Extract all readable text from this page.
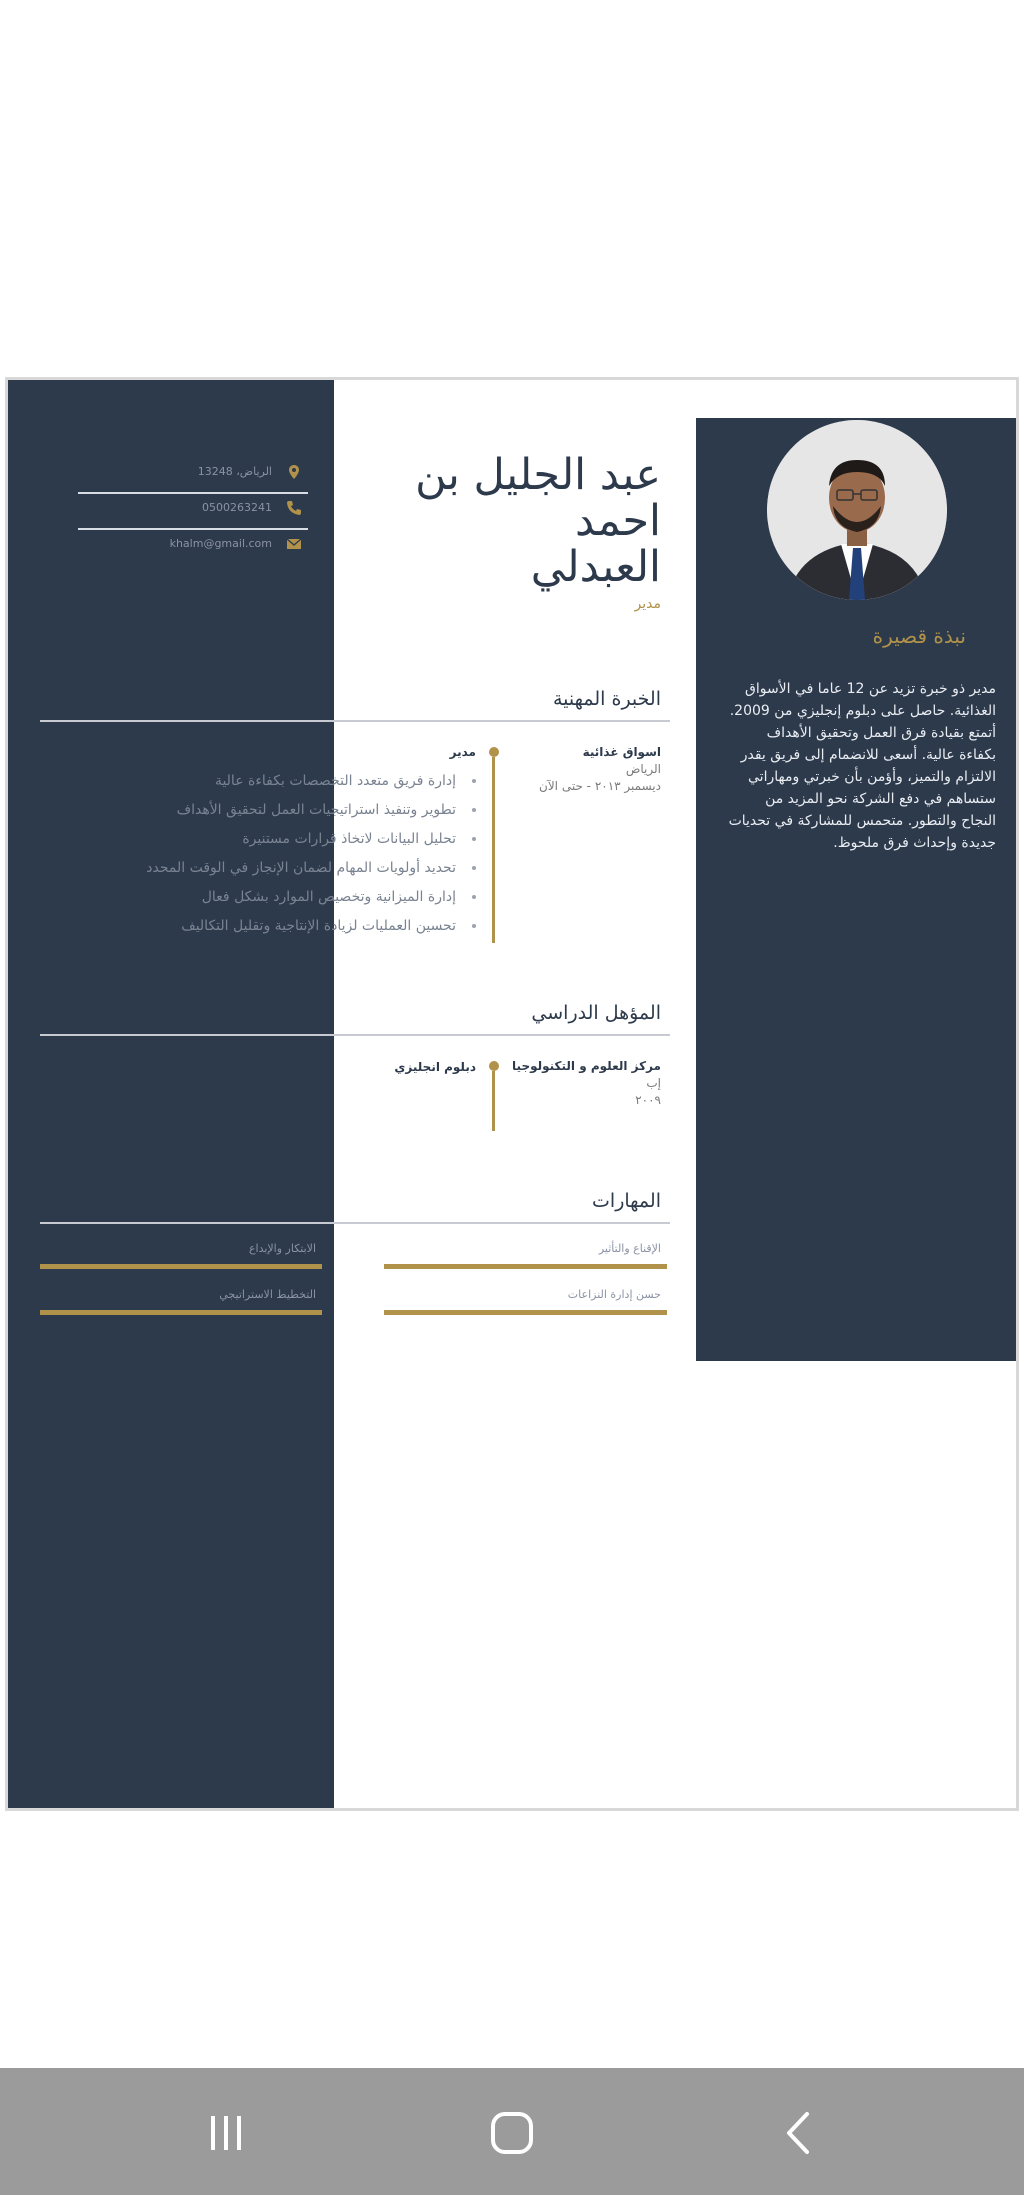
نبذة قصيرة
مدير ذو خبرة تزيد عن 12 عاما في الأسواق الغذائية. حاصل على دبلوم إنجليزي من 2009. أتمتع بقيادة فرق العمل وتحقيق الأهداف بكفاءة عالية. أسعى للانضمام إلى فريق يقدر الالتزام والتميز، وأؤمن بأن خبرتي ومهاراتي ستساهم في دفع الشركة نحو المزيد من النجاح والتطور. متحمس للمشاركة في تحديات جديدة وإحداث فرق ملحوظ.
عبد الجليل بن
احمد
العبدلي
مدير
الرياض، 13248
0500263241
khalm@gmail.com
الخبرة المهنية
اسواق غذائية
الرياض
ديسمبر ٢٠١٣ - حتى الآن
مدير
إدارة فريق متعدد التخصصات بكفاءة عالية
تطوير وتنفيذ استراتيجيات العمل لتحقيق الأهداف
تحليل البيانات لاتخاذ قرارات مستنيرة
تحديد أولويات المهام لضمان الإنجاز في الوقت المحدد
إدارة الميزانية وتخصيص الموارد بشكل فعال
تحسين العمليات لزيادة الإنتاجية وتقليل التكاليف
المؤهل الدراسي
مركز العلوم و التكنولوجيا
إب
٢٠٠٩
دبلوم انجليزي
المهارات
الإقناع والتأثير
الابتكار والإبداع
حسن إدارة النزاعات
التخطيط الاستراتيجي
